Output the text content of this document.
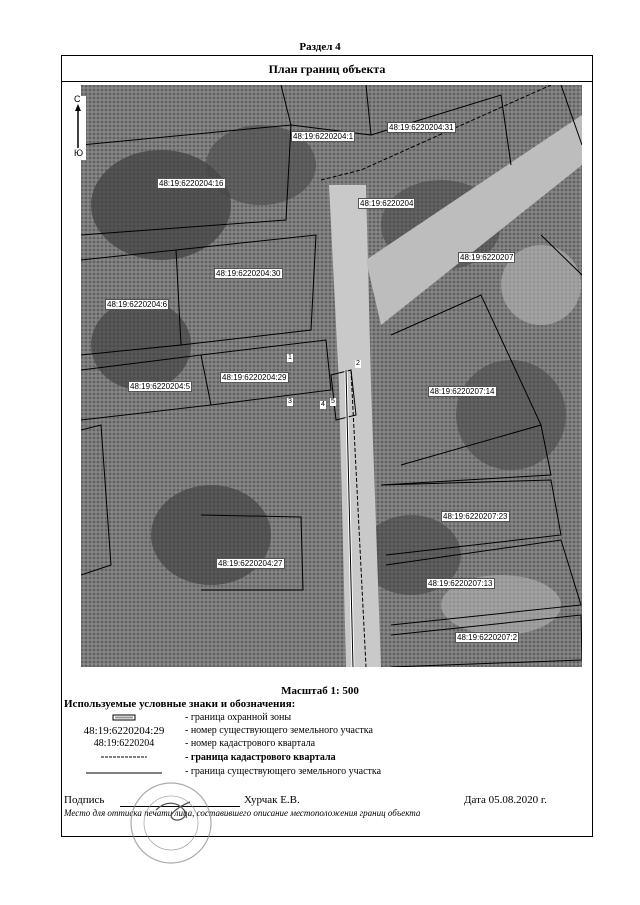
Раздел 4
План границ объекта
С
Ю
48:19:6220204:1
48:19:6220204:31
48:19:6220204:16
48:19:6220204
48:19:6220207
48:19:6220204:30
48:19:6220204:6
48:19:6220204:29
48:19:6220204:5
48:19:6220207:14
48:19:6220207:23
48:19:6220204:27
48:19:6220207:13
48:19:6220207:2
1
2
3	4 5
Масштаб 1: 500
Используемые условные знаки и обозначения:
- граница охранной зоны
48:19:6220204:29	- номер существующего земельного участка
48:19:6220204	- номер кадастрового квартала
- граница кадастрового квартала
- граница существующего земельного участка
Подпись	Хурчак Е.В.	Дата 05.08.2020 г.
Место для оттиска печати лица, составившего описание местоположения границ объекта
